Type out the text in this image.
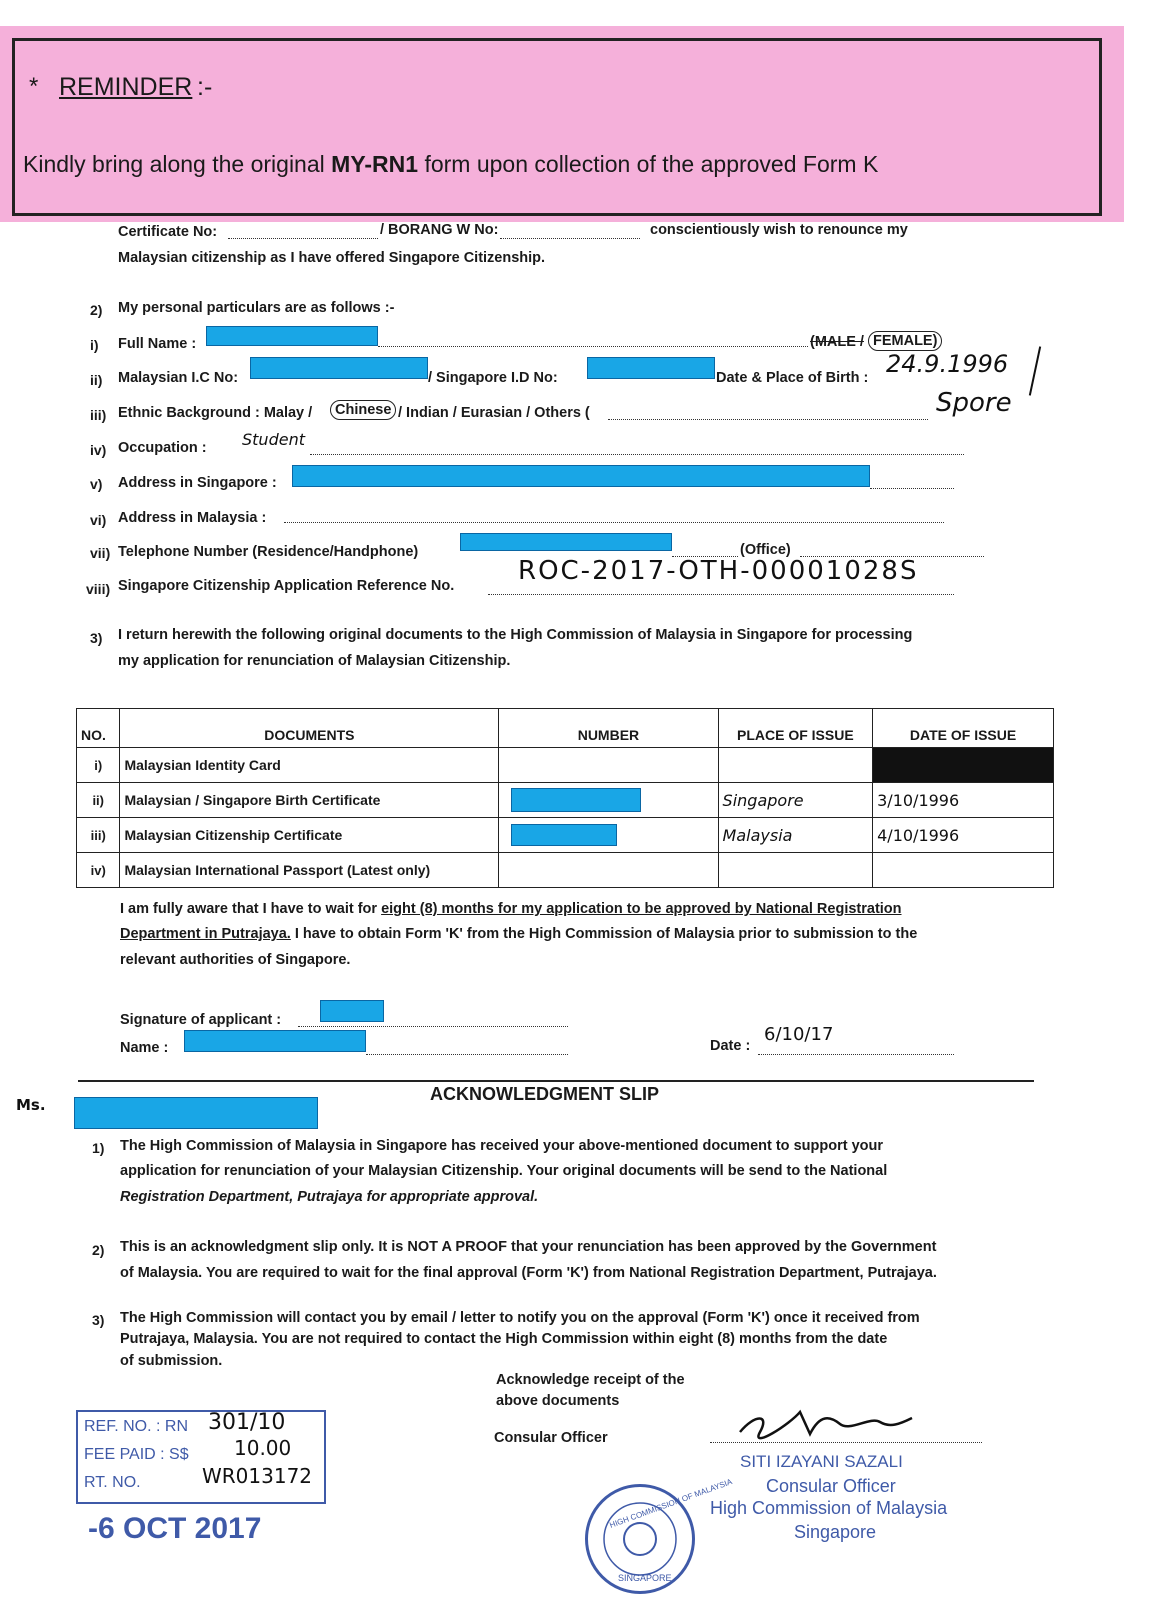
* REMINDER :-
Kindly bring along the original MY-RN1 form upon collection of the approved Form K
Certificate No:	/ BORANG W No:	conscientiously wish to renounce my
Malaysian citizenship as I have offered Singapore Citizenship.
2) My personal particulars are as follows :-
i) Full Name :	(MALE / FEMALE)
ii) Malaysian I.C No:	/ Singapore I.D No:	Date & Place of Birth : 24.9.1996
iii) Ethnic Background : Malay /	Chinese / Indian / Eurasian / Others (	Spore
iv) Occupation : Student
v) Address in Singapore :
vi) Address in Malaysia :
vii) Telephone Number (Residence/Handphone)	(Office)
viii) Singapore Citizenship Application Reference No. ROC-2017-OTH-00001028S
3) I return herewith the following original documents to the High Commission of Malaysia in Singapore for processing
my application for renunciation of Malaysian Citizenship.
NO.	DOCUMENTS	NUMBER	PLACE OF ISSUE	DATE OF ISSUE
i)	Malaysian Identity Card			
ii)	Malaysian / Singapore Birth Certificate		Singapore	3/10/1996
iii)	Malaysian Citizenship Certificate		Malaysia	4/10/1996
iv)	Malaysian International Passport (Latest only)			
I am fully aware that I have to wait for eight (8) months for my application to be approved by National Registration
Department in Putrajaya. I have to obtain Form 'K' from the High Commission of Malaysia prior to submission to the
relevant authorities of Singapore.
Signature of applicant :
Name :	Date :
6/10/17
Ms.
ACKNOWLEDGMENT SLIP
1) The High Commission of Malaysia in Singapore has received your above-mentioned document to support your
application for renunciation of your Malaysian Citizenship. Your original documents will be send to the National
Registration Department, Putrajaya for appropriate approval.
2) This is an acknowledgment slip only. It is NOT A PROOF that your renunciation has been approved by the Government
of Malaysia. You are required to wait for the final approval (Form 'K') from National Registration Department, Putrajaya.
3) The High Commission will contact you by email / letter to notify you on the approval (Form 'K') once it received from
Putrajaya, Malaysia. You are not required to contact the High Commission within eight (8) months from the date
of submission.
REF. NO. : RN 301/10
FEE PAID : S$ 10.00
RT. NO.	WR013172
-6 OCT 2017
Acknowledge receipt of the
above documents
Consular Officer
HIGH COMMISSION OF MALAYSIA
SINGAPORE
SITI IZAYANI SAZALI
Consular Officer
High Commission of Malaysia
Singapore
